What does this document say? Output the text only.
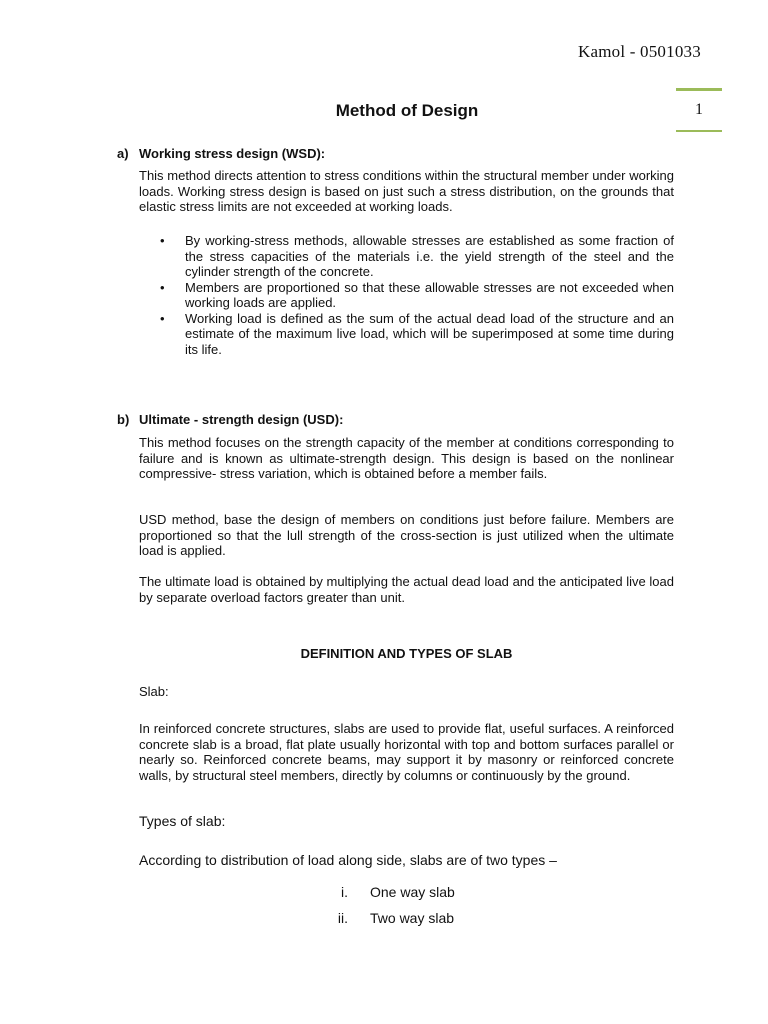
Kamol - 0501033
1
Method of Design
a) Working stress design (WSD):
This method directs attention to stress conditions within the structural member under working loads. Working stress design is based on just such a stress distribution, on the grounds that elastic stress limits are not exceeded at working loads.
• By working-stress methods, allowable stresses are established as some fraction of the stress capacities of the materials i.e. the yield strength of the steel and the cylinder strength of the concrete.
• Members are proportioned so that these allowable stresses are not exceeded when working loads are applied.
• Working load is defined as the sum of the actual dead load of the structure and an estimate of the maximum live load, which will be superimposed at some time during its life.
b) Ultimate - strength design (USD):
This method focuses on the strength capacity of the member at conditions corresponding to failure and is known as ultimate-strength design. This design is based on the nonlinear compressive- stress variation, which is obtained before a member fails.
USD method, base the design of members on conditions just before failure. Members are proportioned so that the lull strength of the cross-section is just utilized when the ultimate load is applied.
The ultimate load is obtained by multiplying the actual dead load and the anticipated live load by separate overload factors greater than unit.
DEFINITION AND TYPES OF SLAB
Slab:
In reinforced concrete structures, slabs are used to provide flat, useful surfaces. A reinforced concrete slab is a broad, flat plate usually horizontal with top and bottom surfaces parallel or nearly so. Reinforced concrete beams, may support it by masonry or reinforced concrete walls, by structural steel members, directly by columns or continuously by the ground.
Types of slab:
According to distribution of load along side, slabs are of two types –
i. One way slab
ii. Two way slab
